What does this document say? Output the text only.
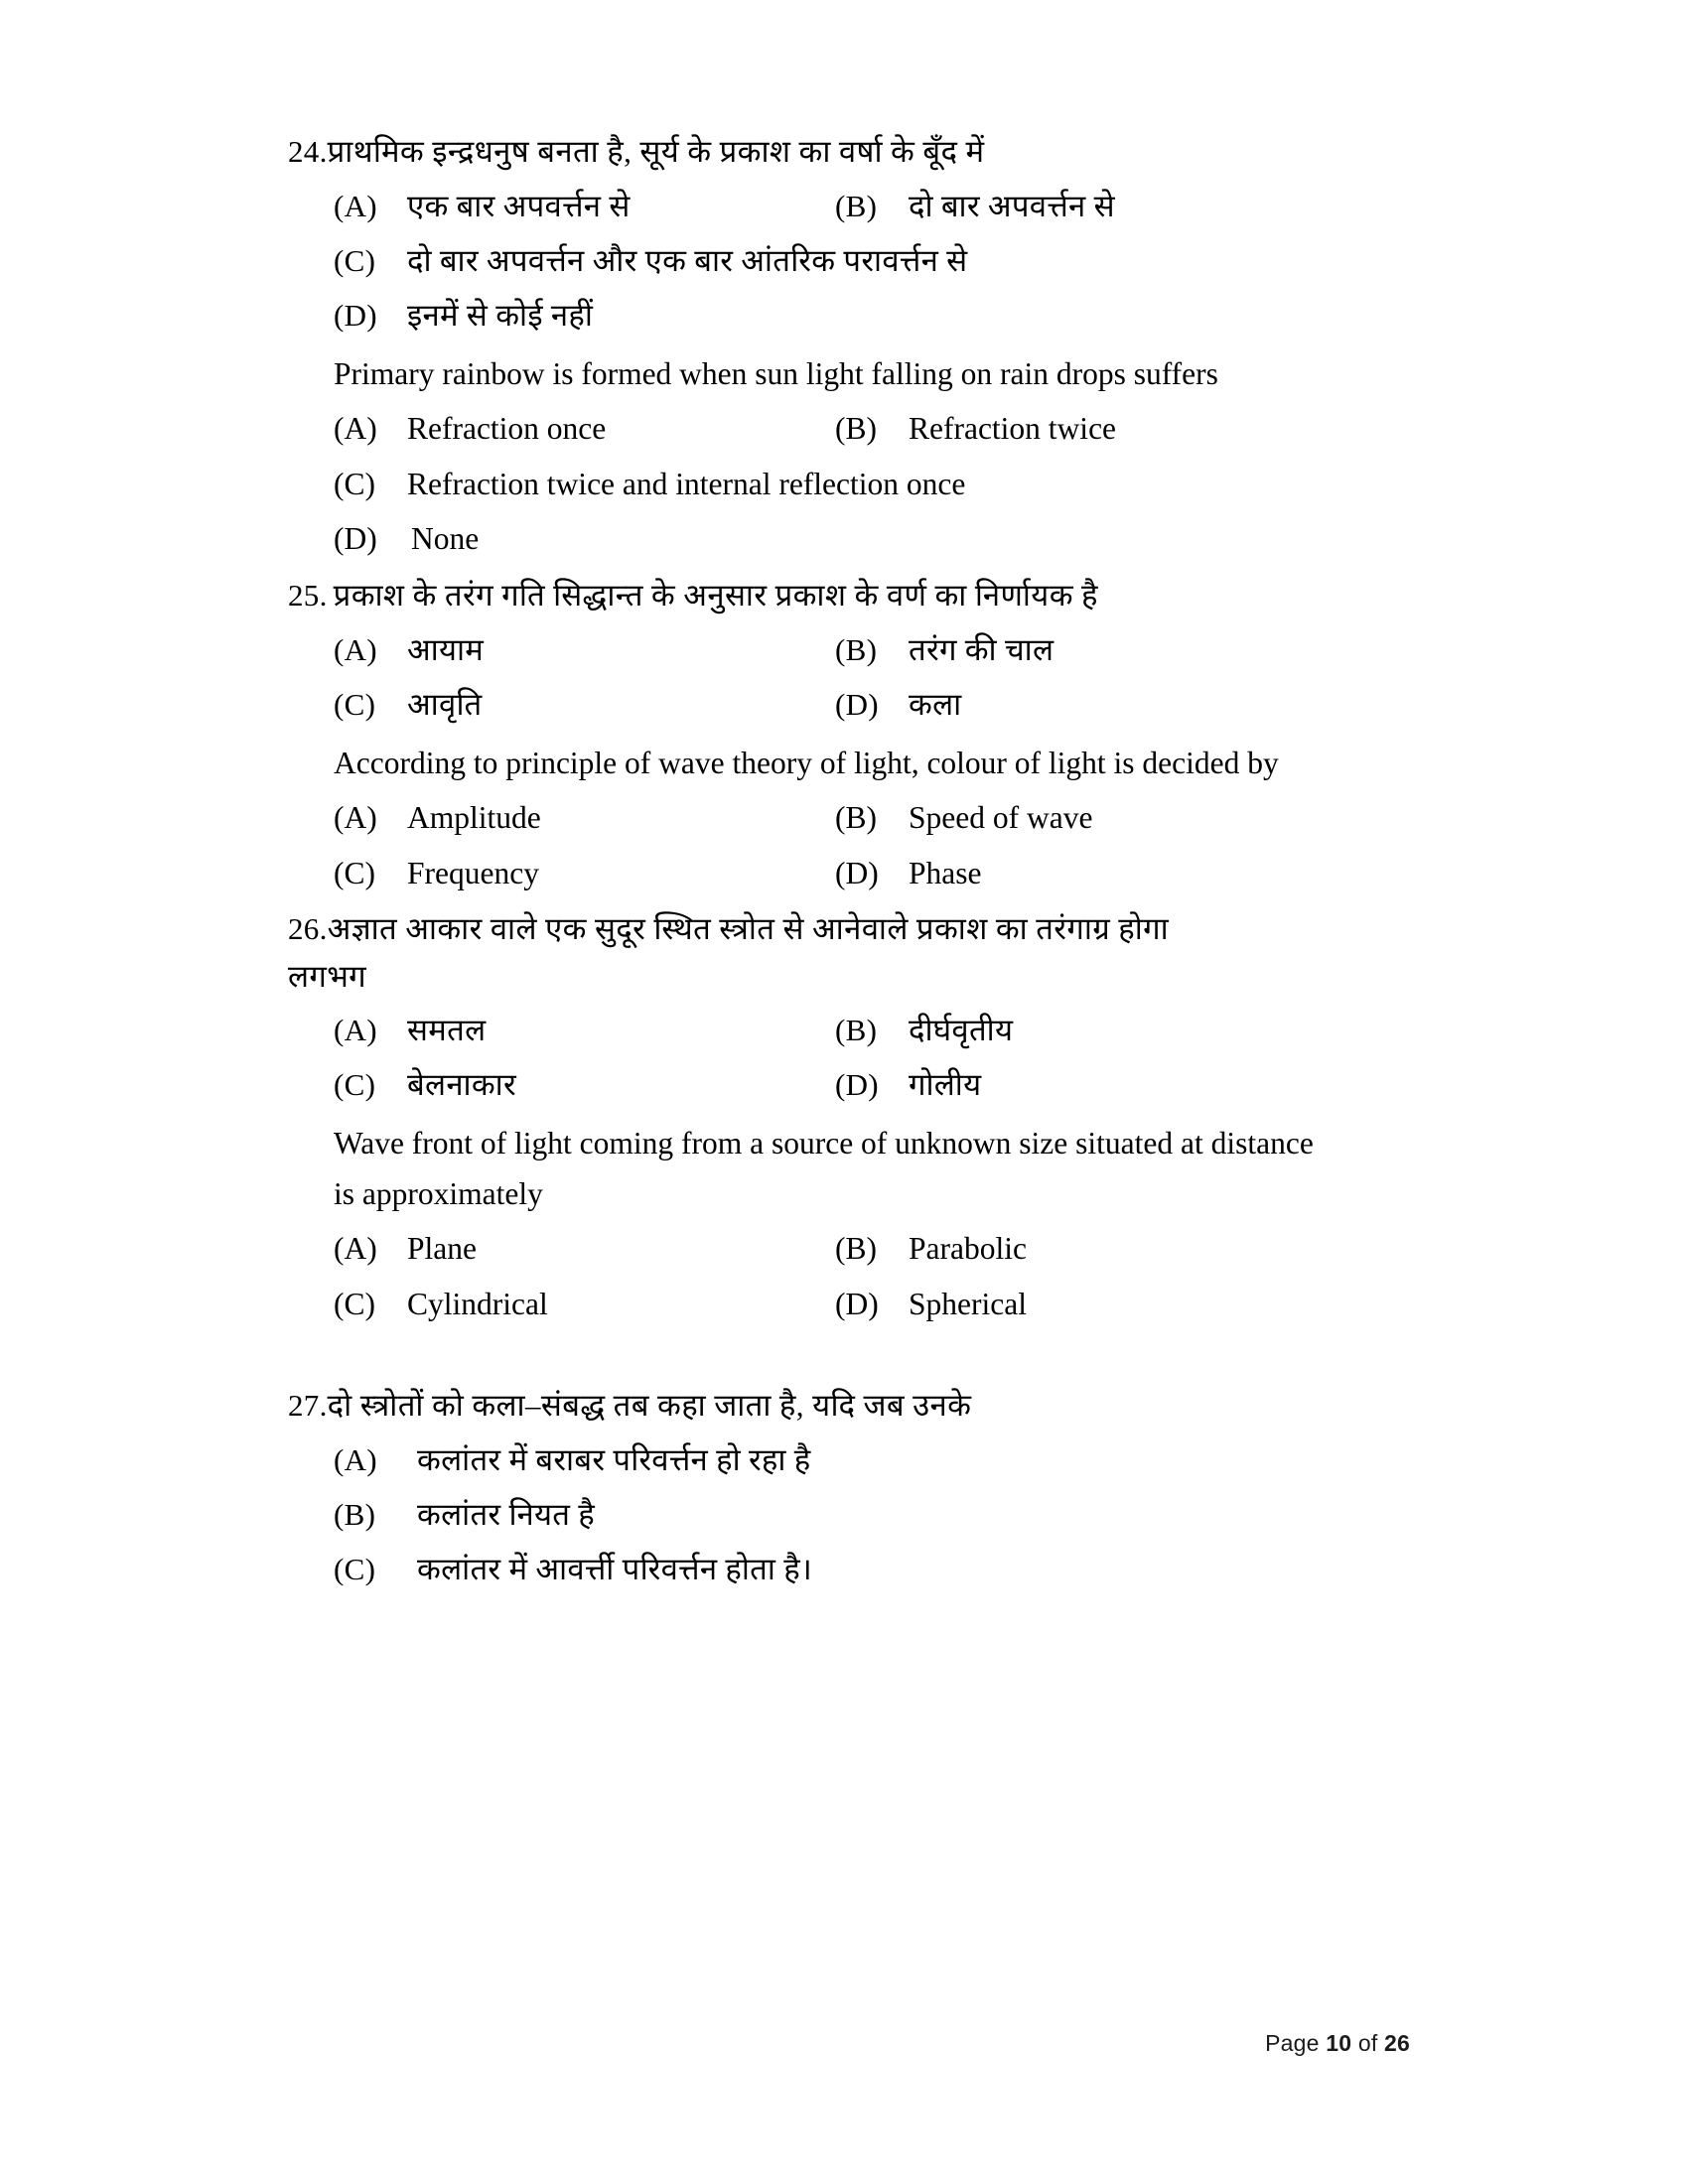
24. प्राथमिक इन्द्रधनुष बनता है, सूर्य के प्रकाश का वर्षा के बूँद में

(A) एक बार अपवर्त्तन से	(B)	दो बार अपवर्त्तन से
(C)	दो बार अपवर्त्तन और एक बार आंतरिक परावर्त्तन से
(D) इनमें से कोई नहीं

Primary rainbow is formed when sun light falling on rain drops suffers

(A) Refraction once	(B)	Refraction twice
(C)	Refraction twice and internal reflection once
(D)	None

25. प्रकाश के तरंग गति सिद्धान्त के अनुसार प्रकाश के वर्ण का निर्णायक है

(A) आयाम	(B)	तरंग की चाल
(C)	आवृति	(D) कला

According to principle of wave theory of light, colour of light is decided by

(A) Amplitude	(B)	Speed of wave
(C)	Frequency	(D) Phase

26. अज्ञात आकार वाले एक सुदूर स्थित स्त्रोत से आनेवाले प्रकाश का तरंगाग्र होगा

लगभग

(A) समतल	(B)	दीर्घवृतीय
(C)	बेलनाकार	(D) गोलीय

Wave front of light coming from a source of unknown size situated at distance is approximately

(A) Plane	(B)	Parabolic
(C)	Cylindrical	(D) Spherical

27. दो स्त्रोतों को कला–संबद्ध तब कहा जाता है, यदि जब उनके

(A)	कलांतर में बराबर परिवर्त्तन हो रहा है
(B)	कलांतर नियत है
(C)	कलांतर में आवर्त्ती परिवर्त्तन होता है।
Page 10 of 26
